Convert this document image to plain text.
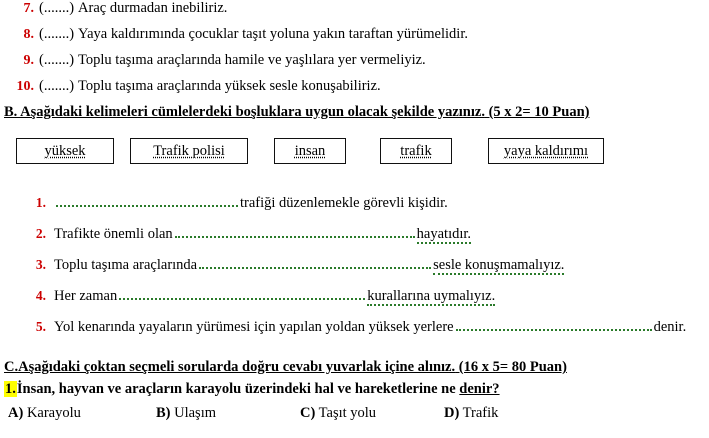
7. (.......) Araç durmadan inebiliriz.
8. (.......) Yaya kaldırımında çocuklar taşıt yoluna yakın taraftan yürümelidir.
9. (.......) Toplu taşıma araçlarında hamile ve yaşlılara yer vermeliyiz.
10. (.......) Toplu taşıma araçlarında yüksek sesle konuşabiliriz.
B. Aşağıdaki kelimeleri cümlelerdeki boşluklara uygun olacak şekilde yazınız. (5 x 2= 10 Puan)
yüksek	Trafik polisi	insan	trafik	yaya kaldırımı
1.	trafiği düzenlemekle görevli kişidir.
2. Trafikte önemli olan	hayatıdır.
3. Toplu taşıma araçlarında	sesle konuşmamalıyız.
4. Her zaman	kurallarına uymalıyız.
5. Yol kenarında yayaların yürümesi için yapılan yoldan yüksek yerlere	denir.
C.Aşağıdaki çoktan seçmeli sorularda doğru cevabı yuvarlak içine alınız. (16 x 5= 80 Puan)
1.İnsan, hayvan ve araçların karayolu üzerindeki hal ve hareketlerine ne denir?
A) Karayolu	B) Ulaşım	C) Taşıt yolu	D) Trafik
